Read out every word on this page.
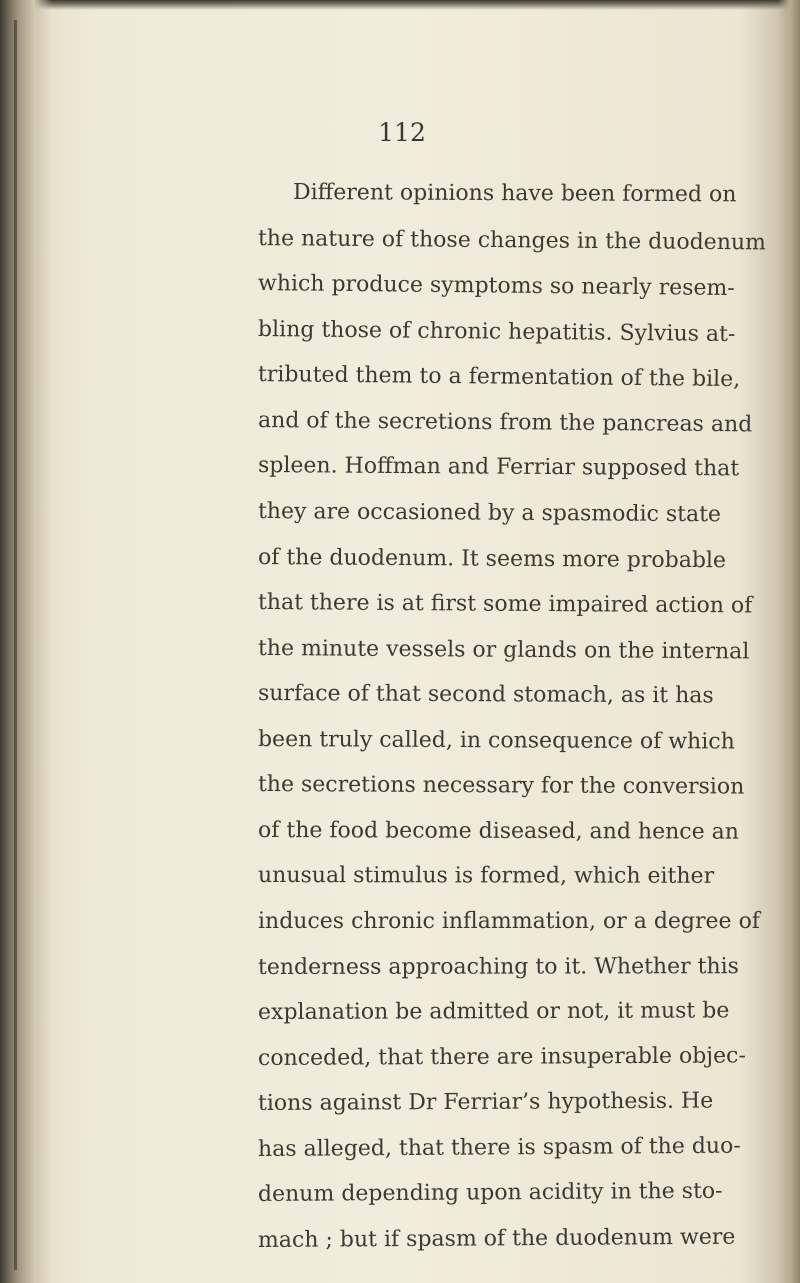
112
Different opinions have been formed on
the nature of those changes in the duodenum
which produce symptoms so nearly resem-
bling those of chronic hepatitis. Sylvius at-
tributed them to a fermentation of the bile,
and of the secretions from the pancreas and
spleen. Hoffman and Ferriar supposed that
they are occasioned by a spasmodic state
of the duodenum. It seems more probable
that there is at first some impaired action of
the minute vessels or glands on the internal
surface of that second stomach, as it has
been truly called, in consequence of which
the secretions necessary for the conversion
of the food become diseased, and hence an
unusual stimulus is formed, which either
induces chronic inflammation, or a degree of
tenderness approaching to it. Whether this
explanation be admitted or not, it must be
conceded, that there are insuperable objec-
tions against Dr Ferriar’s hypothesis. He
has alleged, that there is spasm of the duo-
denum depending upon acidity in the sto-
mach ; but if spasm of the duodenum were
